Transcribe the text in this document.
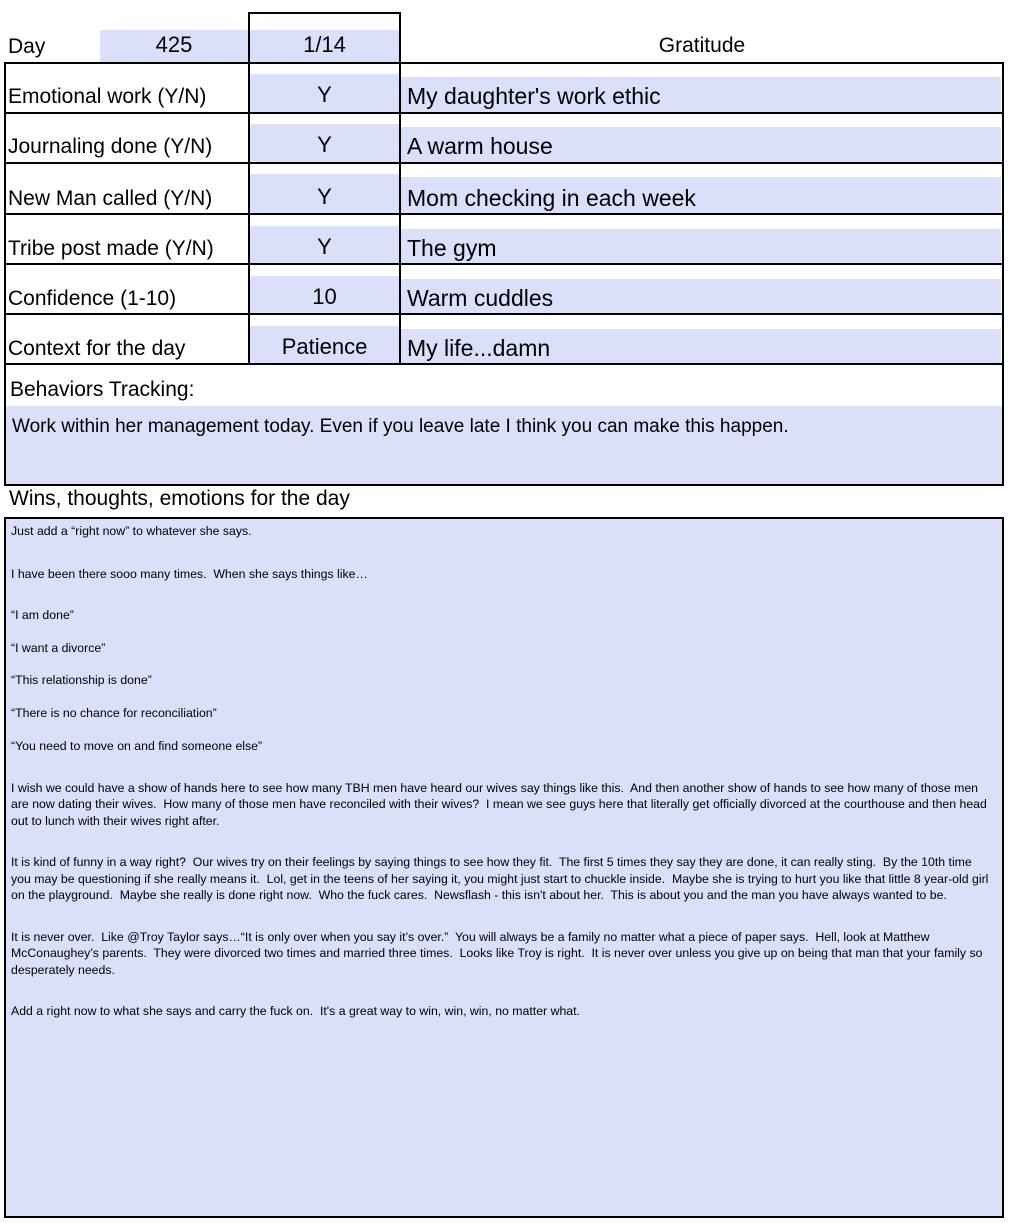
Day	425	1/14	Gratitude
Emotional work (Y/N)	Y	My daughter's work ethic
Journaling done (Y/N)	Y	A warm house
New Man called (Y/N)	Y	Mom checking in each week
Tribe post made (Y/N)	Y	The gym
Confidence (1-10)	10	Warm cuddles
Context for the day	Patience	My life...damn
Behaviors Tracking:
Work within her management today. Even if you leave late I think you can make this happen.
Wins, thoughts, emotions for the day

Just add a “right now” to whatever she says.

I have been there sooo many times.  When she says things like…

“I am done”

“I want a divorce”

“This relationship is done”

“There is no chance for reconciliation”

“You need to move on and find someone else”

I wish we could have a show of hands here to see how many TBH men have heard our wives say things like this.  And then another show of hands to see how many of those men are now dating their wives.  How many of those men have reconciled with their wives?  I mean we see guys here that literally get officially divorced at the courthouse and then head out to lunch with their wives right after.

It is kind of funny in a way right?  Our wives try on their feelings by saying things to see how they fit.  The first 5 times they say they are done, it can really sting.  By the 10th time you may be questioning if she really means it.  Lol, get in the teens of her saying it, you might just start to chuckle inside.  Maybe she is trying to hurt you like that little 8 year-old girl on the playground.  Maybe she really is done right now.  Who the fuck cares.  Newsflash - this isn't about her.  This is about you and the man you have always wanted to be.

It is never over.  Like @Troy Taylor says…“It is only over when you say it’s over.”  You will always be a family no matter what a piece of paper says.  Hell, look at Matthew McConaughey’s parents.  They were divorced two times and married three times.  Looks like Troy is right.  It is never over unless you give up on being that man that your family so desperately needs.

Add a right now to what she says and carry the fuck on.  It's a great way to win, win, win, no matter what.
